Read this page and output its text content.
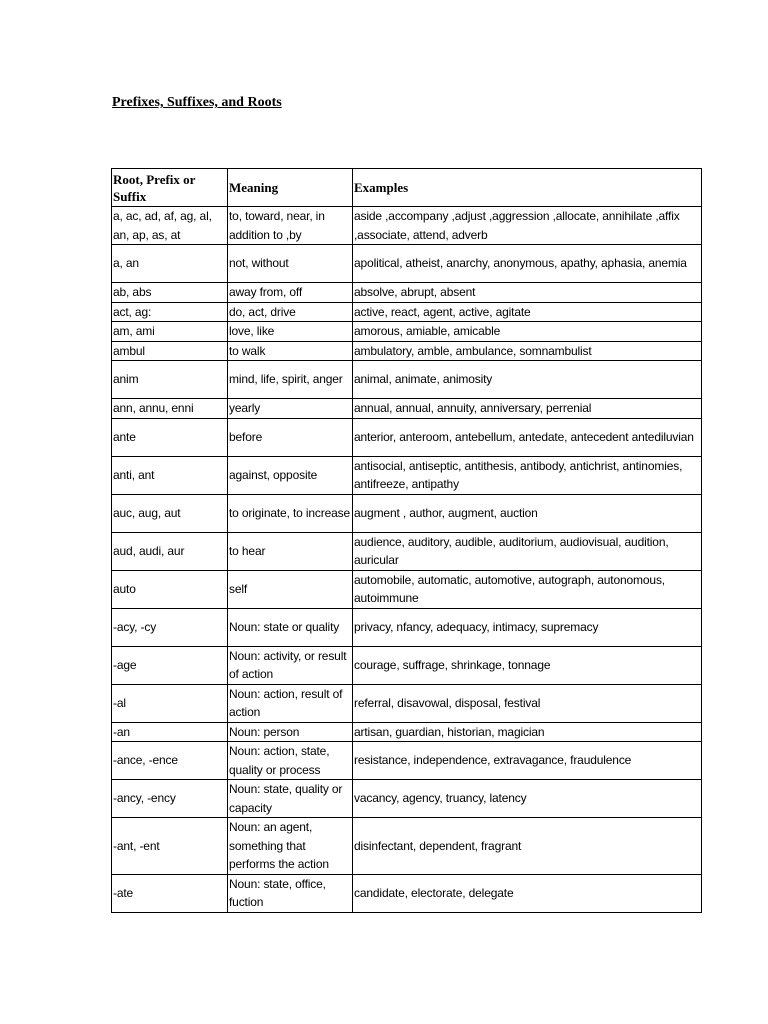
Prefixes, Suffixes, and Roots
Root, Prefix or Suffix	Meaning	Examples
a, ac, ad, af, ag, al, an, ap, as, at	to, toward, near, in addition to ,by	aside ,accompany ,adjust ,aggression ,allocate, annihilate ,affix ,associate, attend, adverb
a, an	not, without	apolitical, atheist, anarchy, anonymous, apathy, aphasia, anemia
ab, abs	away from, off	absolve, abrupt, absent
act, ag:	do, act, drive	active, react, agent, active, agitate
am, ami	love, like	amorous, amiable, amicable
ambul	to walk	ambulatory, amble, ambulance, somnambulist
anim	mind, life, spirit, anger	animal, animate, animosity
ann, annu, enni	yearly	annual, annual, annuity, anniversary, perrenial
ante	before	anterior, anteroom, antebellum, antedate, antecedent antediluvian
anti, ant	against, opposite	antisocial, antiseptic, antithesis, antibody, antichrist, antinomies, antifreeze, antipathy
auc, aug, aut	to originate, to increase	augment , author, augment, auction
aud, audi, aur	to hear	audience, auditory, audible, auditorium, audiovisual, audition, auricular
auto	self	automobile, automatic, automotive, autograph, autonomous, autoimmune
-acy, -cy	Noun: state or quality	privacy, nfancy, adequacy, intimacy, supremacy
-age	Noun: activity, or result of action	courage, suffrage, shrinkage, tonnage
-al	Noun: action, result of action	referral, disavowal, disposal, festival
-an	Noun: person	artisan, guardian, historian, magician
-ance, -ence	Noun: action, state, quality or process	resistance, independence, extravagance, fraudulence
-ancy, -ency	Noun: state, quality or capacity	vacancy, agency, truancy, latency
-ant, -ent	Noun: an agent, something that performs the action	disinfectant, dependent, fragrant
-ate	Noun: state, office, fuction	candidate, electorate, delegate
